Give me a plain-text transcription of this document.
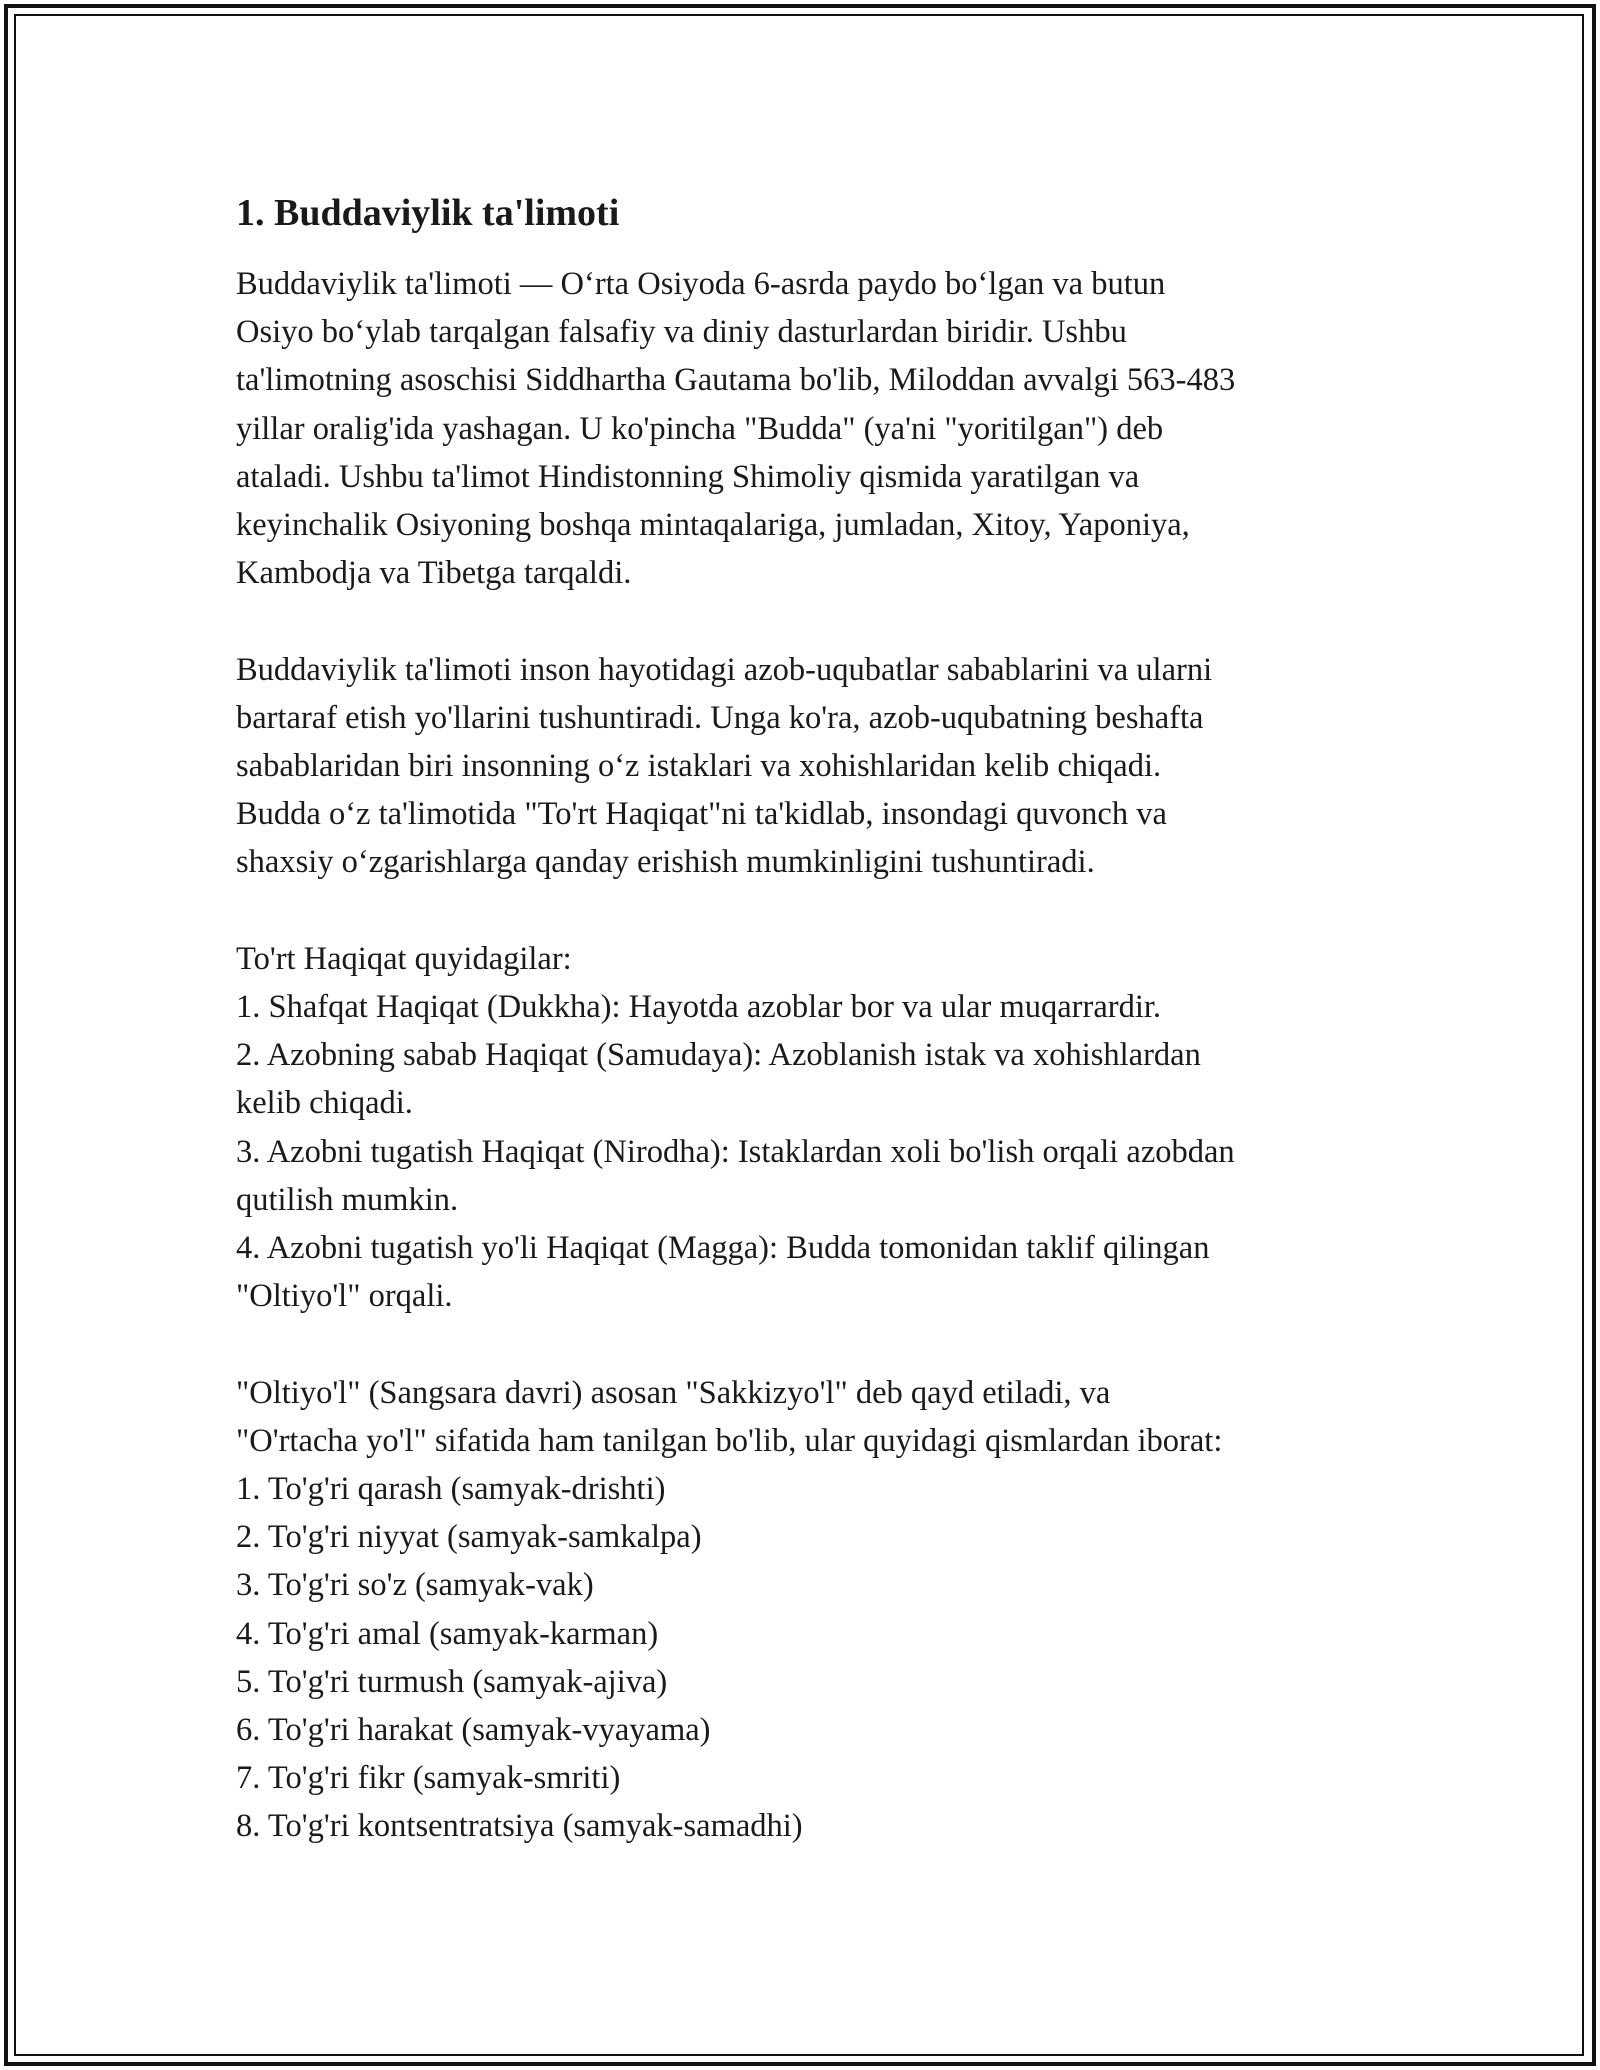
1. Buddaviylik ta'limoti

Buddaviylik ta'limoti — O‘rta Osiyoda 6-asrda paydo bo‘lgan va butun
Osiyo bo‘ylab tarqalgan falsafiy va diniy dasturlardan biridir. Ushbu
ta'limotning asoschisi Siddhartha Gautama bo'lib, Miloddan avvalgi 563-483
yillar oralig'ida yashagan. U ko'pincha "Budda" (ya'ni "yoritilgan") deb
ataladi. Ushbu ta'limot Hindistonning Shimoliy qismida yaratilgan va
keyinchalik Osiyoning boshqa mintaqalariga, jumladan, Xitoy, Yaponiya,
Kambodja va Tibetga tarqaldi.

Buddaviylik ta'limoti inson hayotidagi azob-uqubatlar sabablarini va ularni
bartaraf etish yo'llarini tushuntiradi. Unga ko'ra, azob-uqubatning beshafta
sabablaridan biri insonning o‘z istaklari va xohishlaridan kelib chiqadi.
Budda o‘z ta'limotida "To'rt Haqiqat"ni ta'kidlab, insondagi quvonch va
shaxsiy o‘zgarishlarga qanday erishish mumkinligini tushuntiradi.

To'rt Haqiqat quyidagilar:
1. Shafqat Haqiqat (Dukkha): Hayotda azoblar bor va ular muqarrardir.
2. Azobning sabab Haqiqat (Samudaya): Azoblanish istak va xohishlardan
kelib chiqadi.
3. Azobni tugatish Haqiqat (Nirodha): Istaklardan xoli bo'lish orqali azobdan
qutilish mumkin.
4. Azobni tugatish yo'li Haqiqat (Magga): Budda tomonidan taklif qilingan
"Oltiyo'l" orqali.

"Oltiyo'l" (Sangsara davri) asosan "Sakkizyo'l" deb qayd etiladi, va
"O'rtacha yo'l" sifatida ham tanilgan bo'lib, ular quyidagi qismlardan iborat:
1. To'g'ri qarash (samyak-drishti)
2. To'g'ri niyyat (samyak-samkalpa)
3. To'g'ri so'z (samyak-vak)
4. To'g'ri amal (samyak-karman)
5. To'g'ri turmush (samyak-ajiva)
6. To'g'ri harakat (samyak-vyayama)
7. To'g'ri fikr (samyak-smriti)
8. To'g'ri kontsentratsiya (samyak-samadhi)
